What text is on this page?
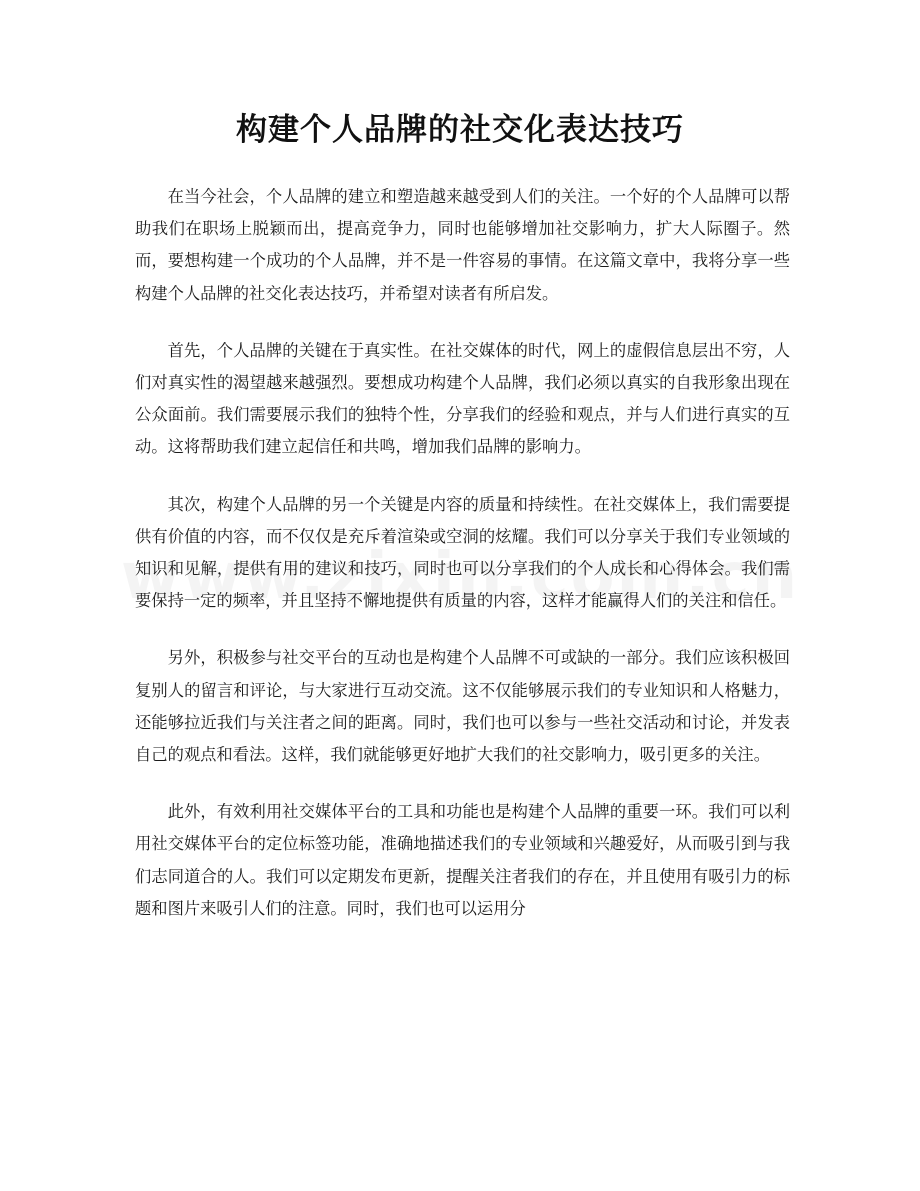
构建个人品牌的社交化表达技巧

在当今社会，个人品牌的建立和塑造越来越受到人们的关注。一个好的个人品牌可以帮助我们在职场上脱颖而出，提高竞争力，同时也能够增加社交影响力，扩大人际圈子。然而，要想构建一个成功的个人品牌，并不是一件容易的事情。在这篇文章中，我将分享一些构建个人品牌的社交化表达技巧，并希望对读者有所启发。

首先，个人品牌的关键在于真实性。在社交媒体的时代，网上的虚假信息层出不穷，人们对真实性的渴望越来越强烈。要想成功构建个人品牌，我们必须以真实的自我形象出现在公众面前。我们需要展示我们的独特个性，分享我们的经验和观点，并与人们进行真实的互动。这将帮助我们建立起信任和共鸣，增加我们品牌的影响力。

其次，构建个人品牌的另一个关键是内容的质量和持续性。在社交媒体上，我们需要提供有价值的内容，而不仅仅是充斥着渲染或空洞的炫耀。我们可以分享关于我们专业领域的知识和见解，提供有用的建议和技巧，同时也可以分享我们的个人成长和心得体会。我们需要保持一定的频率，并且坚持不懈地提供有质量的内容，这样才能赢得人们的关注和信任。

另外，积极参与社交平台的互动也是构建个人品牌不可或缺的一部分。我们应该积极回复别人的留言和评论，与大家进行互动交流。这不仅能够展示我们的专业知识和人格魅力，还能够拉近我们与关注者之间的距离。同时，我们也可以参与一些社交活动和讨论，并发表自己的观点和看法。这样，我们就能够更好地扩大我们的社交影响力，吸引更多的关注。

此外，有效利用社交媒体平台的工具和功能也是构建个人品牌的重要一环。我们可以利用社交媒体平台的定位标签功能，准确地描述我们的专业领域和兴趣爱好，从而吸引到与我们志同道合的人。我们可以定期发布更新，提醒关注者我们的存在，并且使用有吸引力的标题和图片来吸引人们的注意。同时，我们也可以运用分
